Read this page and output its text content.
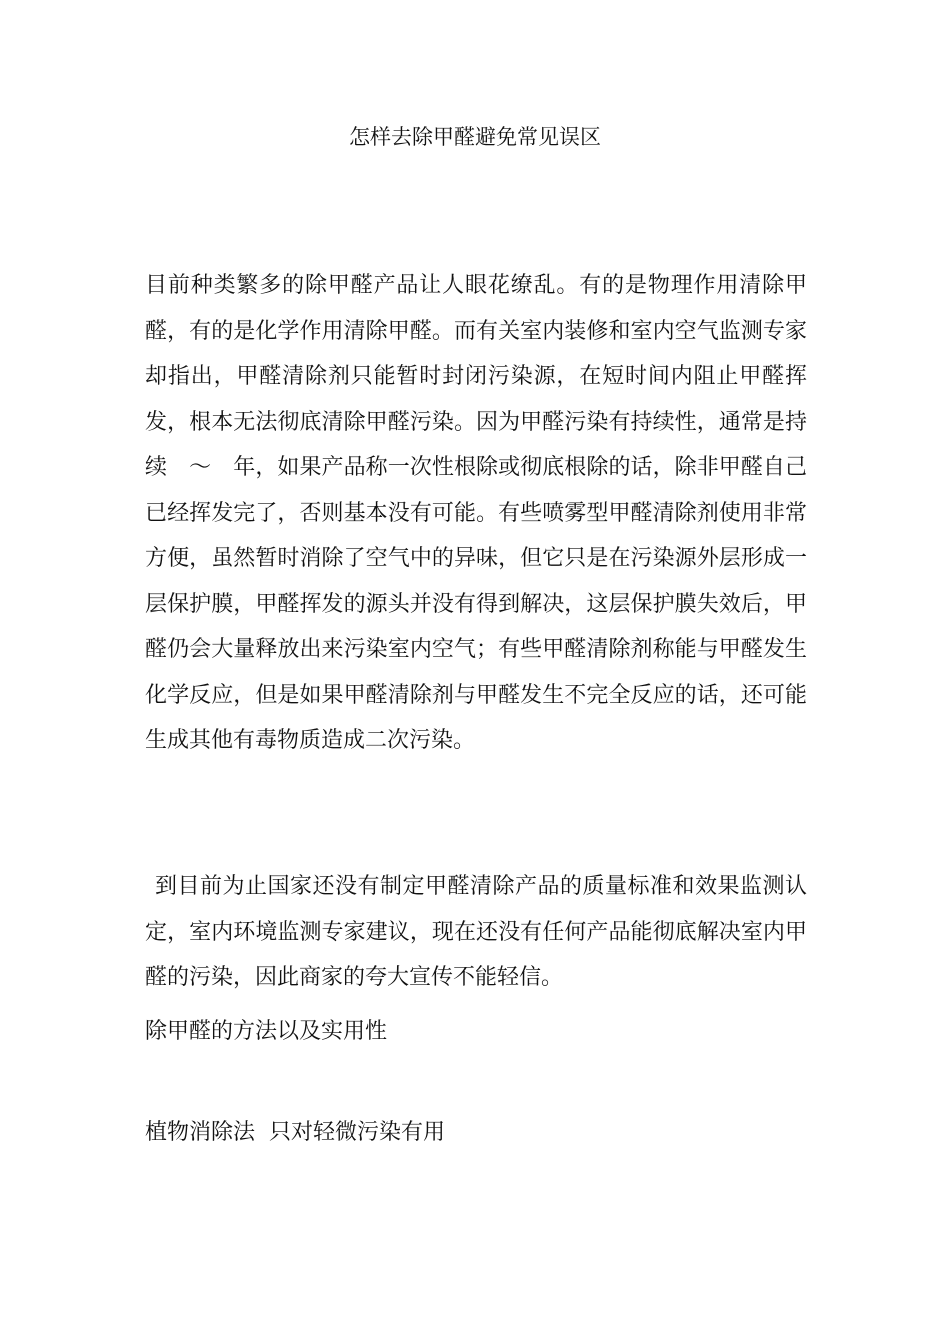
怎样去除甲醛避免常见误区

目前种类繁多的除甲醛产品让人眼花缭乱。有的是物理作用清除甲醛，有的是化学作用清除甲醛。而有关室内装修和室内空气监测专家却指出，甲醛清除剂只能暂时封闭污染源，在短时间内阻止甲醛挥发，根本无法彻底清除甲醛污染。因为甲醛污染有持续性，通常是持续　～　年，如果产品称一次性根除或彻底根除的话，除非甲醛自己已经挥发完了，否则基本没有可能。有些喷雾型甲醛清除剂使用非常方便，虽然暂时消除了空气中的异味，但它只是在污染源外层形成一层保护膜，甲醛挥发的源头并没有得到解决，这层保护膜失效后，甲醛仍会大量释放出来污染室内空气；有些甲醛清除剂称能与甲醛发生化学反应，但是如果甲醛清除剂与甲醛发生不完全反应的话，还可能生成其他有毒物质造成二次污染。

到目前为止国家还没有制定甲醛清除产品的质量标准和效果监测认定，室内环境监测专家建议，现在还没有任何产品能彻底解决室内甲醛的污染，因此商家的夸大宣传不能轻信。

除甲醛的方法以及实用性

植物消除法  只对轻微污染有用
